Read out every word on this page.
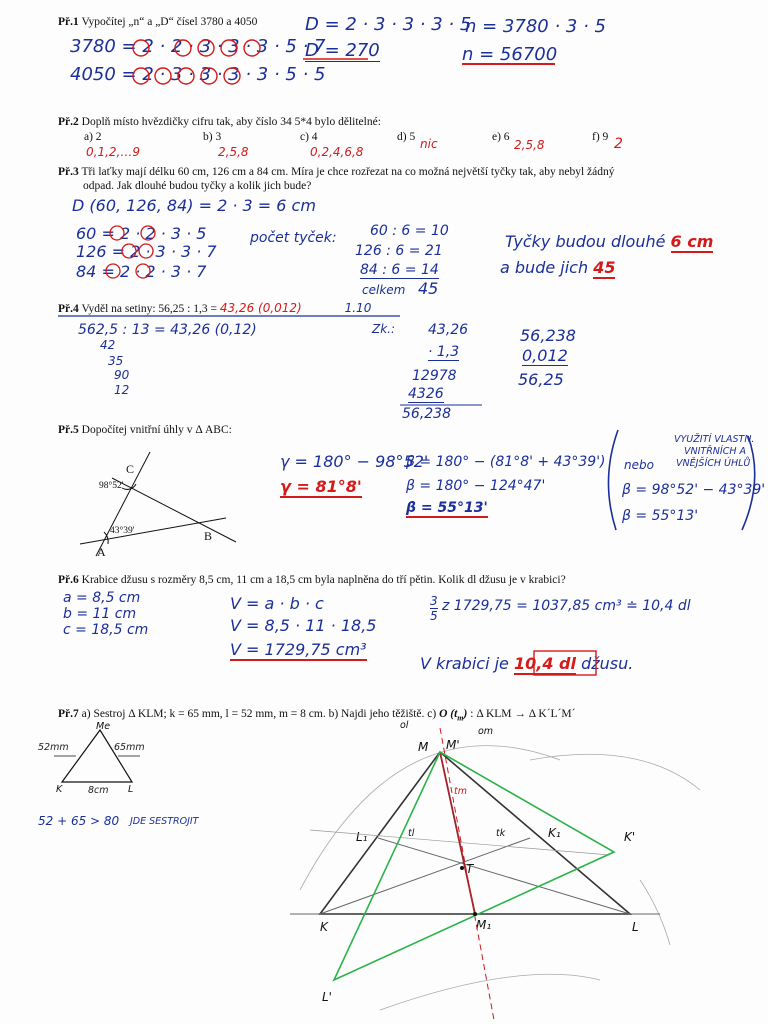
Př.1 Vypočítej „n“ a „D“ čísel 3780 a 4050
3780 = 2 · 2 · 3 · 3 · 3 · 5 · 7
4050 = 2 · 3 · 3 · 3 · 3 · 5 · 5
D = 2 · 3 · 3 · 3 · 5
D = 270
n = 3780 · 3 · 5
n = 56700
Př.2 Doplň místo hvězdičky cifru tak, aby číslo 34 5*4 bylo dělitelné:
a) 2
0,1,2,…9
b) 3
2,5,8
c) 4
0,2,4,6,8
d) 5 nic	e) 6
2,5,8
f) 9 2
Př.3 Tři laťky mají délku 60 cm, 126 cm a 84 cm. Míra je chce rozřezat na co možná největší tyčky tak, aby nebyl žádný
odpad. Jak dlouhé budou tyčky a kolik jich bude?
D (60, 126, 84) = 2 · 3 = 6 cm
60 = 2 · 2 · 3 · 5
126 = 2 · 3 · 3 · 7
84 = 2 · 2 · 3 · 7
počet tyček: 60 : 6 = 10
126 : 6 = 21
84 : 6 = 14
celkem 45
Tyčky budou dlouhé 6 cm
a bude jich 45
Př.4 Vyděl na setiny: 56,25 : 1,3 = 43,26 (0,012)	1.10
562,5 : 13 = 43,26 (0,12)
42
35
90
12
Zk.: 43,26
· 1,3
12978
4326
56,238
56,238
0,012
56,25
Př.5 Dopočítej vnitřní úhly v Δ ABC:
C
98°52'
43°39'
A
B
γ = 180° − 98°52'
γ = 81°8'
β = 180° − (81°8' + 43°39')
β = 180° − 124°47'
β = 55°13'
nebo
VYUŽITÍ VLASTN.
VNITŘNÍCH A
VNĚJŠÍCH ÚHLŮ
β = 98°52' − 43°39'
β = 55°13'
Př.6 Krabice džusu s rozměry 8,5 cm, 11 cm a 18,5 cm byla naplněna do tří pětin. Kolik dl džusu je v krabici?
a = 8,5 cm
b = 11 cm
c = 18,5 cm
V = a · b · c
V = 8,5 · 11 · 18,5
V = 1729,75 cm³
3
5
z 1729,75 = 1037,85 cm³ ≐ 10,4 dl
V krabici je 10,4 dl džusu.
Př.7 a) Sestroj Δ KLM; k = 65 mm, l = 52 mm, m = 8 cm. b) Najdi jeho těžiště. c) O $(t_m)$ : Δ KLM → Δ K´L´M´
52mm	65mm
8cm
K	L
Me
52 + 65 > 80 JDE SESTROJIT
M M'
K	L
K'
L'
L₁	K₁
M₁
T
tm
tl	tk
om
ol
